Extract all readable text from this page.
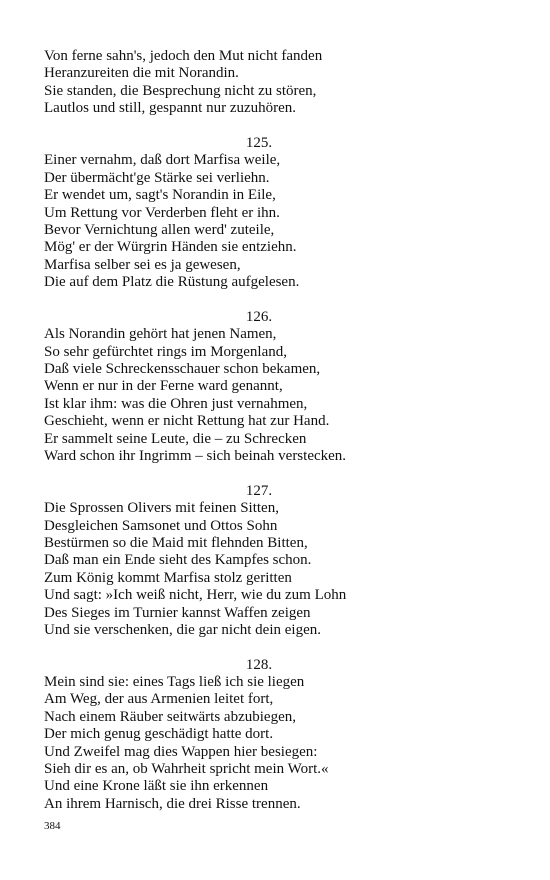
Von ferne sahn's, jedoch den Mut nicht fanden
Heranzureiten die mit Norandin.
Sie standen, die Besprechung nicht zu stören,
Lautlos und still, gespannt nur zuzuhören.
125.
Einer vernahm, daß dort Marfisa weile,
Der übermächt'ge Stärke sei verliehn.
Er wendet um, sagt's Norandin in Eile,
Um Rettung vor Verderben fleht er ihn.
Bevor Vernichtung allen werd' zuteile,
Mög' er der Würgrin Händen sie entziehn.
Marfisa selber sei es ja gewesen,
Die auf dem Platz die Rüstung aufgelesen.
126.
Als Norandin gehört hat jenen Namen,
So sehr gefürchtet rings im Morgenland,
Daß viele Schreckensschauer schon bekamen,
Wenn er nur in der Ferne ward genannt,
Ist klar ihm: was die Ohren just vernahmen,
Geschieht, wenn er nicht Rettung hat zur Hand.
Er sammelt seine Leute, die – zu Schrecken
Ward schon ihr Ingrimm – sich beinah verstecken.
127.
Die Sprossen Olivers mit feinen Sitten,
Desgleichen Samsonet und Ottos Sohn
Bestürmen so die Maid mit flehnden Bitten,
Daß man ein Ende sieht des Kampfes schon.
Zum König kommt Marfisa stolz geritten
Und sagt: »Ich weiß nicht, Herr, wie du zum Lohn
Des Sieges im Turnier kannst Waffen zeigen
Und sie verschenken, die gar nicht dein eigen.
128.
Mein sind sie: eines Tags ließ ich sie liegen
Am Weg, der aus Armenien leitet fort,
Nach einem Räuber seitwärts abzubiegen,
Der mich genug geschädigt hatte dort.
Und Zweifel mag dies Wappen hier besiegen:
Sieh dir es an, ob Wahrheit spricht mein Wort.«
Und eine Krone läßt sie ihn erkennen
An ihrem Harnisch, die drei Risse trennen.
384
